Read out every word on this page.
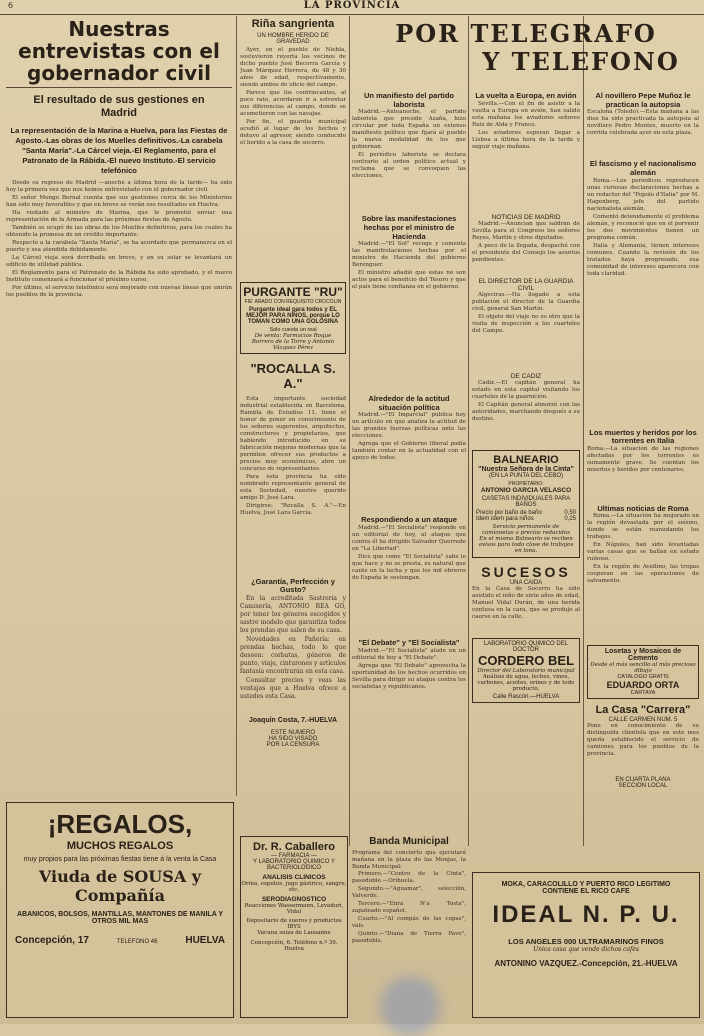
6	LA PROVINCIA
Nuestras entrevistas con el gobernador civil
El resultado de sus gestiones en Madrid
La representación de la Marina a Huelva, para las Fiestas de Agosto.-Las obras de los Muelles definitivos.-La carabela "Santa María".-La Cárcel vieja.-El Reglamento, para el Patronato de la Rábida.-El nuevo Instituto.-El servicio telefónico

Desde su regreso de Madrid —anoche a última hora de la tarde— ha sido hoy la primera vez que nos hemos entrevistado con el gobernador civil.

El señor Mongo Bernal cuenta que sus gestiones cerca de los Ministerios han sido muy favorables y que en breve se verán sus resultados en Huelva.

Ha visitado al ministro de Marina, que le prometió enviar una representación de la Armada para las próximas fiestas de Agosto.

También se ocupó de las obras de los Muelles definitivos, para los cuales ha obtenido la promesa de un crédito importante.

Respecto a la carabela "Santa María", se ha acordado que permanezca en el puerto y sea atendida debidamente.

La Cárcel vieja será derribada en breve, y en su solar se levantará un edificio de utilidad pública.

El Reglamento para el Patronato de la Rábida ha sido aprobado, y el nuevo Instituto comenzará a funcionar el próximo curso.

Por último, el servicio telefónico será mejorado con nuevas líneas que unirán los pueblos de la provincia.

Riña sangrienta
UN HOMBRE HERIDO DE GRAVEDAD

Ayer, en el pueblo de Niebla, sostuvieron reyerta los vecinos de dicho pueblo José Becerra García y Juan Márquez Herrera, de 48 y 30 años de edad, respectivamente, siendo ambos de oficio del campo.

Parece que los contrincantes, al poco rato, acordaron ir a solventar sus diferencias al campo, donde se acometieron con las navajas.

Por fin, el guardia municipal acudió al lugar de los hechos y detuvo al agresor, siendo conducido el herido a la casa de socorro.

PURGANTE "RU"
FIE' ARADO CON REQUISITO CROCOLIN
Purgante ideal para todos y EL MEJOR PARA NIÑOS, porque LO TOMAN COMO UNA GOLOSINA
Solo cuesta un real
De venta: Farmacias Roque Borrero de la Torre y Antonio Vázquez Pérez
"ROCALLA S. A."

Esta importante sociedad industrial establecida en Barcelona, Rambla de Estudios 11, tiene el honor de poner en conocimiento de los señores sugerentes, arquitectos, constructores y propietarios, que habiendo introducido en su fabricación mejoras modernas que la permiten ofrecer sus productos a precios muy económicos, abre un concurso de representantes.

Para esta provincia ha sido nombrado representante general de esta Sociedad, nuestro querido amigo D. José Lara.

Dirigirse: "Rocalla S. A."—En Huelva, José Lara García.

¿Garantía, Perfección y Gusto?

En la acreditada Sastrería y Camisería, ANTONIO REA GO, por tener los géneros escogidos y sastre modelo que garantiza todos los prendas que salen de su casa.

Novedades en Pañería: en prendas hechas, todo lo que deseen: corbatas, géneros de punto, viaje, cinturones y artículos fantasía encontrarán en esta casa.

Consultar precios y veas las ventajas que a Huelva ofrece a ustedes esta Casa.

Joaquín Costa, 7.-HUELVA
ESTE NUMERO
HA SIDO VISADO
POR LA CENSURA
POR TELEGRAFO
Y TELEFONO
Un manifiesto del partido laborista

Madrid.—Anteanoche, el partido laborista que preside Azaña, hizo circular por toda España un extenso manifiesto político que fijará al pueblo la nueva modalidad de los que gobiernan.

El periódico laborista se declara contrario al orden político actual y reclama que se convoquen las elecciones.

Sobre las manifestaciones hechas por el ministro de Hacienda

Madrid.—"El Sol" recoge y comenta las manifestaciones hechas por el ministro de Hacienda del gobierno Berenguer.

El ministro añadió que estas no son actos para el beneficio del Tesoro y que el país tiene confianza en el gobierno.

Alrededor de la actitud situación política

Madrid.—"El Imparcial" publica hoy un artículo en que analiza la actitud de las grandes fuerzas políticas ante las elecciones.

Agrega que el Gobierno liberal podía también contar en la actualidad con el apoyo de todos.

Respondiendo a un ataque

Madrid.—"El Socialista" responde en un editorial de hoy, al ataque que contra él ha dirigido Salvador Querrede en "La Libertad".

Dice que como "El Socialista" sabe lo que hace y no se presta, es natural que cante en la lucha y que los mil obreros de España le sostengan.

"El Debate" y "El Socialista"

Madrid.—"El Socialista" alude en un editorial de hoy a "El Debate".

Agrega que "El Debate" aprovecha la oportunidad de los hechos ocurridos en Sevilla para dirigir su ataque contra los socialistas y republicanos.

La vuelta a Europa, en avión

Sevilla.—Con el fin de asistir a la vuelta a Europa en avión, han salido esta mañana los aviadores señores Ruiz de Alda y Franco.

Los aviadores esperan llegar a Lisboa a última hora de la tarde y seguir viaje mañana.

NOTICIAS DE MADRID

Madrid.—Anuncian que saldrán de Sevilla para el Congreso los señores Reyes, Martín y otros diputados.

A poco de la llegada, despachó con el presidente del Consejo los asuntos pendientes.

EL DIRECTOR DE LA GUARDIA CIVIL

Algeciras.—Ha llegado a esta población el director de la Guardia civil, general San Martín.

El objeto del viaje no es otro que la visita de inspección a los cuarteles del Campo.

DE CADIZ

Cádiz.—El capitán general ha estado en esta capital visitando los cuarteles de la guarnición.

El Capitán general almorzó con las autoridades, marchando después a su destino.

BALNEARIO
"Nuestra Señora de la Cinta"
(EN LA PUNTA DEL CEBO)
PROPIETARIO:
ANTONIO GARCIA VELASCO
CASETAS INDIVIDUALES PARA BAÑOS
Precio por baño de baño	0,50
Idem idem para niños	0,25
Servicio permanente de camionetas a precios reducidos
En el mismo Balneario se reciben avisos para toda clase de trabajos en lona.
SUCESOS
UNA CAIDA
En la Casa de Socorro ha sido asistido el niño de siete años de edad, Manuel Vidal Durán, de una herida contusa en la cara, que se produjo al caerse en la calle.
LABORATORIO QUIMICO DEL DOCTOR
CORDERO BEL
Director del Laboratorio municipal
Análisis de agua, leches, vinos, carbones, aceites, orines y de todo producto.
Calle Rascón.—HUELVA
Al novillero Pepe Muñoz le practican la autopsia
Escalona (Toledo).—Esta mañana a las diez ha sido practicada la autopsia al novillero Pedro Montes, muerto en la corrida celebrada ayer en esta plaza.
El fascismo y el nacionalismo alemán

Roma.—Los periódicos reproducen unas curiosas declaraciones hechas a un redactor del "Popolo d'Italia" por M. Hagenberg, jefe del partido nacionalista alemán.

Comentó detenidamente el problema alemán, y reconoció que en el porvenir los dos movimientos tienen un programa común.

Italia y Alemania, tienen intereses comunes. Cuando la revisión de los tratados haya progresado, esa comunidad de intereses aparecerá con toda claridad.

Los muertos y heridos por los torrentes en Italia
Roma.—La situación de las regiones afectadas por los torrentes es sumamente grave. Se cuentan los muertos y heridos por centenares.
Ultimas noticias de Roma

Roma.—La situación ha mejorado en la región devastada por el seísmo, donde se están reanudando los trabajos.

En Nápoles, han sido levantadas varias casas que se hallan en estado ruinoso.

En la región de Avellino, las tropas cooperan en las operaciones de salvamento.

Losetas y Mosaicos de Cemento
Desde el más sencillo al más precioso dibujo
CATALOGO GRATIS
EDUARDO ORTA
CARTAYA
La Casa "Carrera"
CALLE CARMEN NUM. 5
Pone en conocimiento de su distinguida clientela que en este mes queda establecido el servicio de camiones para los pueblos de la provincia.
EN CUARTA PLANA
SECCION LOCAL
¡REGALOS,
MUCHOS REGALOS
muy propios para las próximas fiestas tiene á la venta la Casa
Viuda de SOUSA y Compañía
ABANICOS, BOLSOS, MANTILLAS, MANTONES DE MANILA Y OTROS MIL MAS
Concepción, 17	TELEFONO 46	HUELVA
Dr. R. Caballero
— FARMACIA —
Y LABORATORIO QUIMICO Y BACTERIOLOGICO
ANALISIS CLINICOS
Orina, esputos, jugo gástrico, sangre, etc.
SERODIAGNOSTICO
Reacciones Wassermann, Levaduri, Vidal
Depositario de sueros y productos IBYS
Vacuna suiza de Lausanne
Concepción, 6. Teléfono n.º 39. Huelva
Banda Municipal
Programa del concierto que ejecutará mañana en la plaza de las Monjas, la Banda Municipal:

Primero.—"Centro de la Cinta", pasodoble.—Orihuela.

Segundo.—"Aguamar", selección, Valverde.

Tercero.—"Enra N'a Tosta", zapateado español.

Cuarto.—"Al compás de las copas", vals.

Quinto.—"Diana de Tierra Pavo", pasodoble.

MOKA, CARACOLILLO Y PUERTO RICO LEGITIMO
CONTIENE EL RICO CAFE
IDEAL N. P. U.
LOS ANGELES 000 ULTRAMARINOS FINOS
Unica casa que vende dichos cafés
ANTONINO VAZQUEZ.-Concepción, 21.-HUELVA
